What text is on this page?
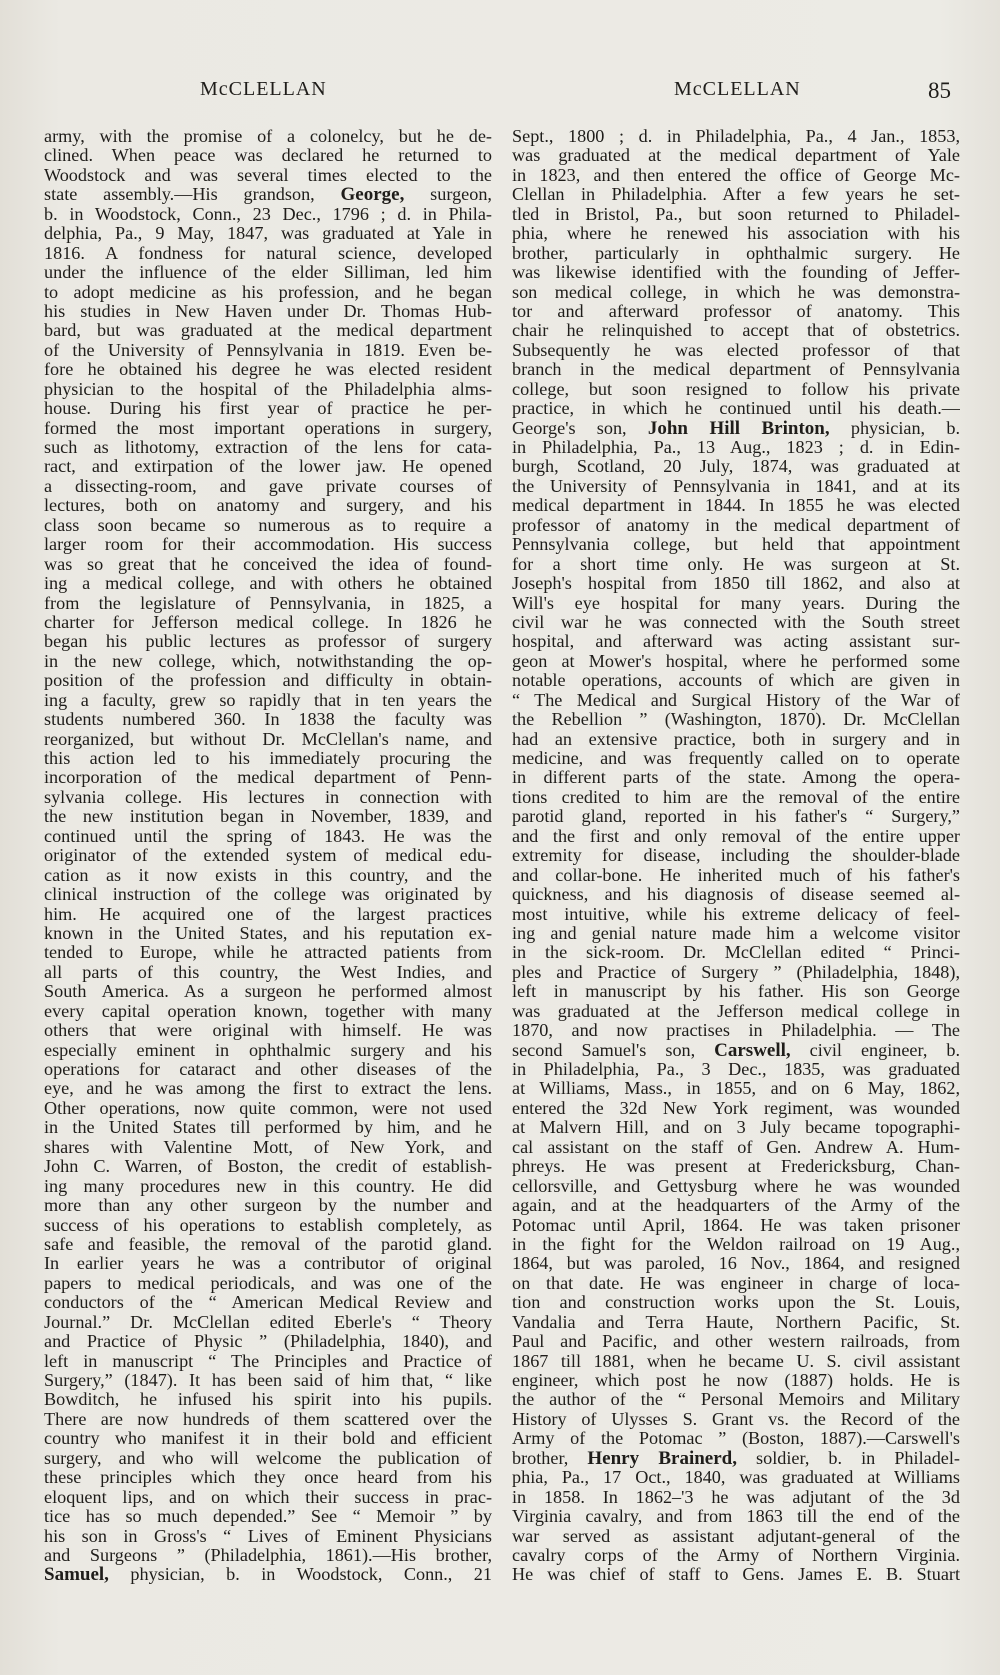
McCLELLAN	McCLELLAN	85
army, with the promise of a colonelcy, but he de-
clined. When peace was declared he returned to
Woodstock and was several times elected to the
state assembly.—His grandson, George, surgeon,
b. in Woodstock, Conn., 23 Dec., 1796 ; d. in Phila-
delphia, Pa., 9 May, 1847, was graduated at Yale in
1816. A fondness for natural science, developed
under the influence of the elder Silliman, led him
to adopt medicine as his profession, and he began
his studies in New Haven under Dr. Thomas Hub-
bard, but was graduated at the medical department
of the University of Pennsylvania in 1819. Even be-
fore he obtained his degree he was elected resident
physician to the hospital of the Philadelphia alms-
house. During his first year of practice he per-
formed the most important operations in surgery,
such as lithotomy, extraction of the lens for cata-
ract, and extirpation of the lower jaw. He opened
a dissecting-room, and gave private courses of
lectures, both on anatomy and surgery, and his
class soon became so numerous as to require a
larger room for their accommodation. His success
was so great that he conceived the idea of found-
ing a medical college, and with others he obtained
from the legislature of Pennsylvania, in 1825, a
charter for Jefferson medical college. In 1826 he
began his public lectures as professor of surgery
in the new college, which, notwithstanding the op-
position of the profession and difficulty in obtain-
ing a faculty, grew so rapidly that in ten years the
students numbered 360. In 1838 the faculty was
reorganized, but without Dr. McClellan's name, and
this action led to his immediately procuring the
incorporation of the medical department of Penn-
sylvania college. His lectures in connection with
the new institution began in November, 1839, and
continued until the spring of 1843. He was the
originator of the extended system of medical edu-
cation as it now exists in this country, and the
clinical instruction of the college was originated by
him. He acquired one of the largest practices
known in the United States, and his reputation ex-
tended to Europe, while he attracted patients from
all parts of this country, the West Indies, and
South America. As a surgeon he performed almost
every capital operation known, together with many
others that were original with himself. He was
especially eminent in ophthalmic surgery and his
operations for cataract and other diseases of the
eye, and he was among the first to extract the lens.
Other operations, now quite common, were not used
in the United States till performed by him, and he
shares with Valentine Mott, of New York, and
John C. Warren, of Boston, the credit of establish-
ing many procedures new in this country. He did
more than any other surgeon by the number and
success of his operations to establish completely, as
safe and feasible, the removal of the parotid gland.
In earlier years he was a contributor of original
papers to medical periodicals, and was one of the
conductors of the “ American Medical Review and
Journal.” Dr. McClellan edited Eberle's “ Theory
and Practice of Physic ” (Philadelphia, 1840), and
left in manuscript “ The Principles and Practice of
Surgery,” (1847). It has been said of him that, “ like
Bowditch, he infused his spirit into his pupils.
There are now hundreds of them scattered over the
country who manifest it in their bold and efficient
surgery, and who will welcome the publication of
these principles which they once heard from his
eloquent lips, and on which their success in prac-
tice has so much depended.” See “ Memoir ” by
his son in Gross's “ Lives of Eminent Physicians
and Surgeons ” (Philadelphia, 1861).—His brother,
Samuel, physician, b. in Woodstock, Conn., 21
Sept., 1800 ; d. in Philadelphia, Pa., 4 Jan., 1853,
was graduated at the medical department of Yale
in 1823, and then entered the office of George Mc-
Clellan in Philadelphia. After a few years he set-
tled in Bristol, Pa., but soon returned to Philadel-
phia, where he renewed his association with his
brother, particularly in ophthalmic surgery. He
was likewise identified with the founding of Jeffer-
son medical college, in which he was demonstra-
tor and afterward professor of anatomy. This
chair he relinquished to accept that of obstetrics.
Subsequently he was elected professor of that
branch in the medical department of Pennsylvania
college, but soon resigned to follow his private
practice, in which he continued until his death.—
George's son, John Hill Brinton, physician, b.
in Philadelphia, Pa., 13 Aug., 1823 ; d. in Edin-
burgh, Scotland, 20 July, 1874, was graduated at
the University of Pennsylvania in 1841, and at its
medical department in 1844. In 1855 he was elected
professor of anatomy in the medical department of
Pennsylvania college, but held that appointment
for a short time only. He was surgeon at St.
Joseph's hospital from 1850 till 1862, and also at
Will's eye hospital for many years. During the
civil war he was connected with the South street
hospital, and afterward was acting assistant sur-
geon at Mower's hospital, where he performed some
notable operations, accounts of which are given in
“ The Medical and Surgical History of the War of
the Rebellion ” (Washington, 1870). Dr. McClellan
had an extensive practice, both in surgery and in
medicine, and was frequently called on to operate
in different parts of the state. Among the opera-
tions credited to him are the removal of the entire
parotid gland, reported in his father's “ Surgery,”
and the first and only removal of the entire upper
extremity for disease, including the shoulder-blade
and collar-bone. He inherited much of his father's
quickness, and his diagnosis of disease seemed al-
most intuitive, while his extreme delicacy of feel-
ing and genial nature made him a welcome visitor
in the sick-room. Dr. McClellan edited “ Princi-
ples and Practice of Surgery ” (Philadelphia, 1848),
left in manuscript by his father. His son George
was graduated at the Jefferson medical college in
1870, and now practises in Philadelphia. — The
second Samuel's son, Carswell, civil engineer, b.
in Philadelphia, Pa., 3 Dec., 1835, was graduated
at Williams, Mass., in 1855, and on 6 May, 1862,
entered the 32d New York regiment, was wounded
at Malvern Hill, and on 3 July became topographi-
cal assistant on the staff of Gen. Andrew A. Hum-
phreys. He was present at Fredericksburg, Chan-
cellorsville, and Gettysburg where he was wounded
again, and at the headquarters of the Army of the
Potomac until April, 1864. He was taken prisoner
in the fight for the Weldon railroad on 19 Aug.,
1864, but was paroled, 16 Nov., 1864, and resigned
on that date. He was engineer in charge of loca-
tion and construction works upon the St. Louis,
Vandalia and Terra Haute, Northern Pacific, St.
Paul and Pacific, and other western railroads, from
1867 till 1881, when he became U. S. civil assistant
engineer, which post he now (1887) holds. He is
the author of the “ Personal Memoirs and Military
History of Ulysses S. Grant vs. the Record of the
Army of the Potomac ” (Boston, 1887).—Carswell's
brother, Henry Brainerd, soldier, b. in Philadel-
phia, Pa., 17 Oct., 1840, was graduated at Williams
in 1858. In 1862–'3 he was adjutant of the 3d
Virginia cavalry, and from 1863 till the end of the
war served as assistant adjutant-general of the
cavalry corps of the Army of Northern Virginia.
He was chief of staff to Gens. James E. B. Stuart
